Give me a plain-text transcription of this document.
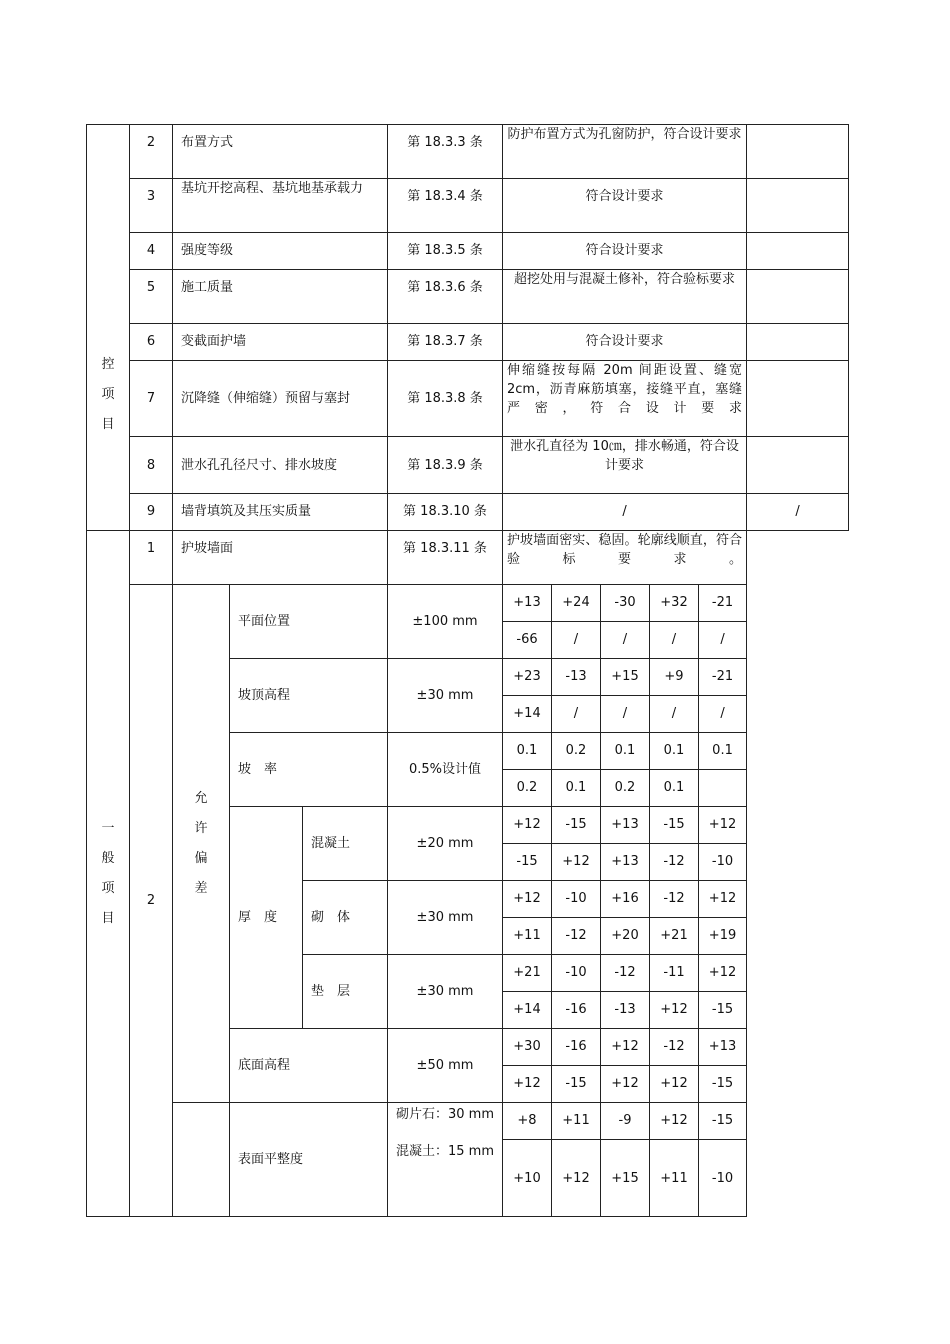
控
项
目	2	布置方式			第 18.3.3 条	防护布置方式为孔窗防护，符合设计要求					
	3	基坑开挖高程、基坑地基承载力			第 18.3.4 条	符合设计要求					
	4	强度等级			第 18.3.5 条	符合设计要求					
	5	施工质量			第 18.3.6 条	超挖处用与混凝土修补，符合验标要求					
	6	变截面护墙			第 18.3.7 条	符合设计要求					
	7	沉降缝（伸缩缝）预留与塞封			第 18.3.8 条	伸缩缝按每隔 20m 间距设置、缝宽 2cm，沥青麻筋填塞，接缝平直，塞缝严密，符合设计要求					
	8	泄水孔孔径尺寸、排水坡度			第 18.3.9 条	泄水孔直径为 10㎝，排水畅通，符合设计要求					
	9	墙背填筑及其压实质量			第 18.3.10 条	/					/

一
般
项
目	1	护坡墙面			第 18.3.11 条	护坡墙面密实、稳固。轮廓线顺直，符合验标要求。					
	2	允
许
偏
差	平面位置		±100 mm	+13	+24	-30	+32	-21	
						-66	/	/	/	/	
			坡顶高程		±30 mm	+23	-13	+15	+9	-21	
						+14	/	/	/	/	
			坡　率		0.5%设计值	0.1	0.2	0.1	0.1	0.1	
						0.2	0.1	0.2	0.1		
			厚　度	混凝土	±20 mm	+12	-15	+13	-15	+12	
						-15	+12	+13	-12	-10	
				砌　体	±30 mm	+12	-10	+16	-12	+12	
						+11	-12	+20	+21	+19	
				垫　层	±30 mm	+21	-10	-12	-11	+12	
						+14	-16	-13	+12	-15	
			底面高程		±50 mm	+30	-16	+12	-12	+13	
						+12	-15	+12	+12	-15	
			表面平整度		砌片石：30 mm
混凝土：15 mm	+8	+11	-9	+12	-15	
						+10	+12	+15	+11	-10	
